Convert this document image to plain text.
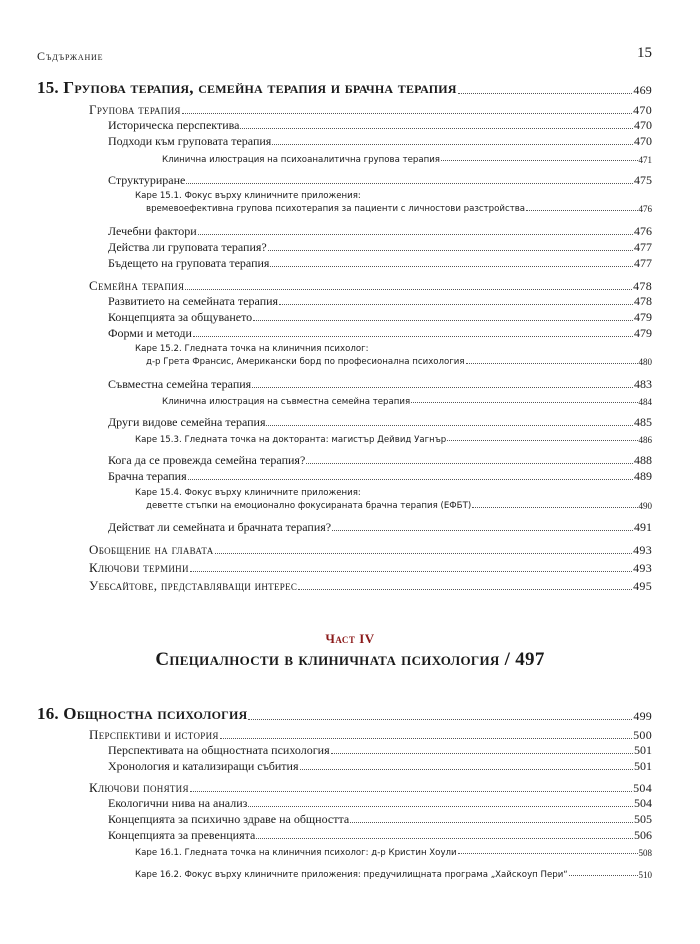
Съдържание	15
15. Групова терапия, семейна терапия и брачна терапия	469
Групова терапия	470
Историческа перспектива	470
Подходи към груповата терапия	470
Клинична илюстрация на психоаналитична групова терапия	471
Структуриране	475
Каре 15.1. Фокус върху клиничните приложения:
времевоефективна групова психотерапия за пациенти с личностови разстройства	476
Лечебни фактори	476
Действа ли груповата терапия?	477
Бъдещето на груповата терапия	477
Семейна терапия	478
Развитието на семейната терапия	478
Концепцията за общуването	479
Форми и методи	479
Каре 15.2. Гледната точка на клиничния психолог:
д-р Грета Франсис, Американски борд по професионална психология	480
Съвместна семейна терапия	483
Клинична илюстрация на съвместна семейна терапия	484
Други видове семейна терапия	485
Каре 15.3. Гледната точка на докторанта: магистър Дейвид Уагнър	486
Кога да се провежда семейна терапия?	488
Брачна терапия	489
Каре 15.4. Фокус върху клиничните приложения:
деветте стъпки на емоционално фокусираната брачна терапия (ЕФБТ)	490
Действат ли семейната и брачната терапия?	491
Обобщение на главата	493
Ключови термини	493
Уебсайтове, представляващи интерес	495
Част IV
Специалности в клиничната психология / 497
16. Общностна психология	499
Перспективи и история	500
Перспективата на общностната психология	501
Хронология и катализиращи събития	501
Ключови понятия	504
Екологични нива на анализ	504
Концепцията за психично здраве на общността	505
Концепцията за превенцията	506
Каре 16.1. Гледната точка на клиничния психолог: д-р Кристин Хоули	508
Каре 16.2. Фокус върху клиничните приложения: предучилищната програма „Хайскоуп Пери“	510
